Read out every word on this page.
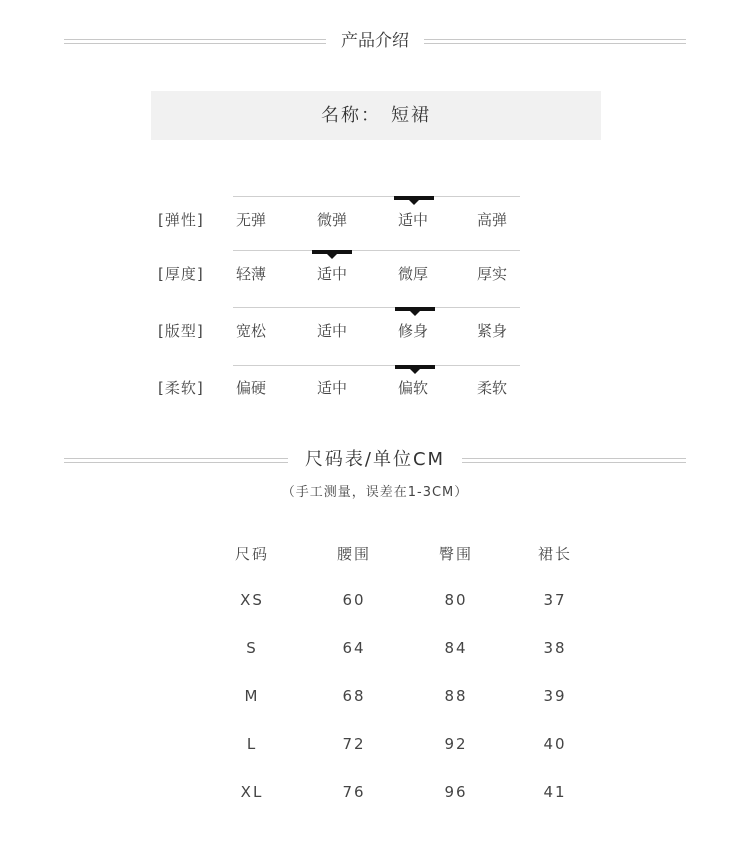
产品介绍
名称： 短裙
[弹性] 无弹	微弹	适中	高弹
[厚度] 轻薄	适中	微厚	厚实
[版型] 宽松	适中	修身	紧身
[柔软] 偏硬	适中	偏软	柔软
尺码表/单位CM
（手工测量，误差在1-3CM）
尺码	腰围	臀围	裙长
XS	60	80	37
S	64	84	38
M	68	88	39
L	72	92	40
XL	76	96	41
